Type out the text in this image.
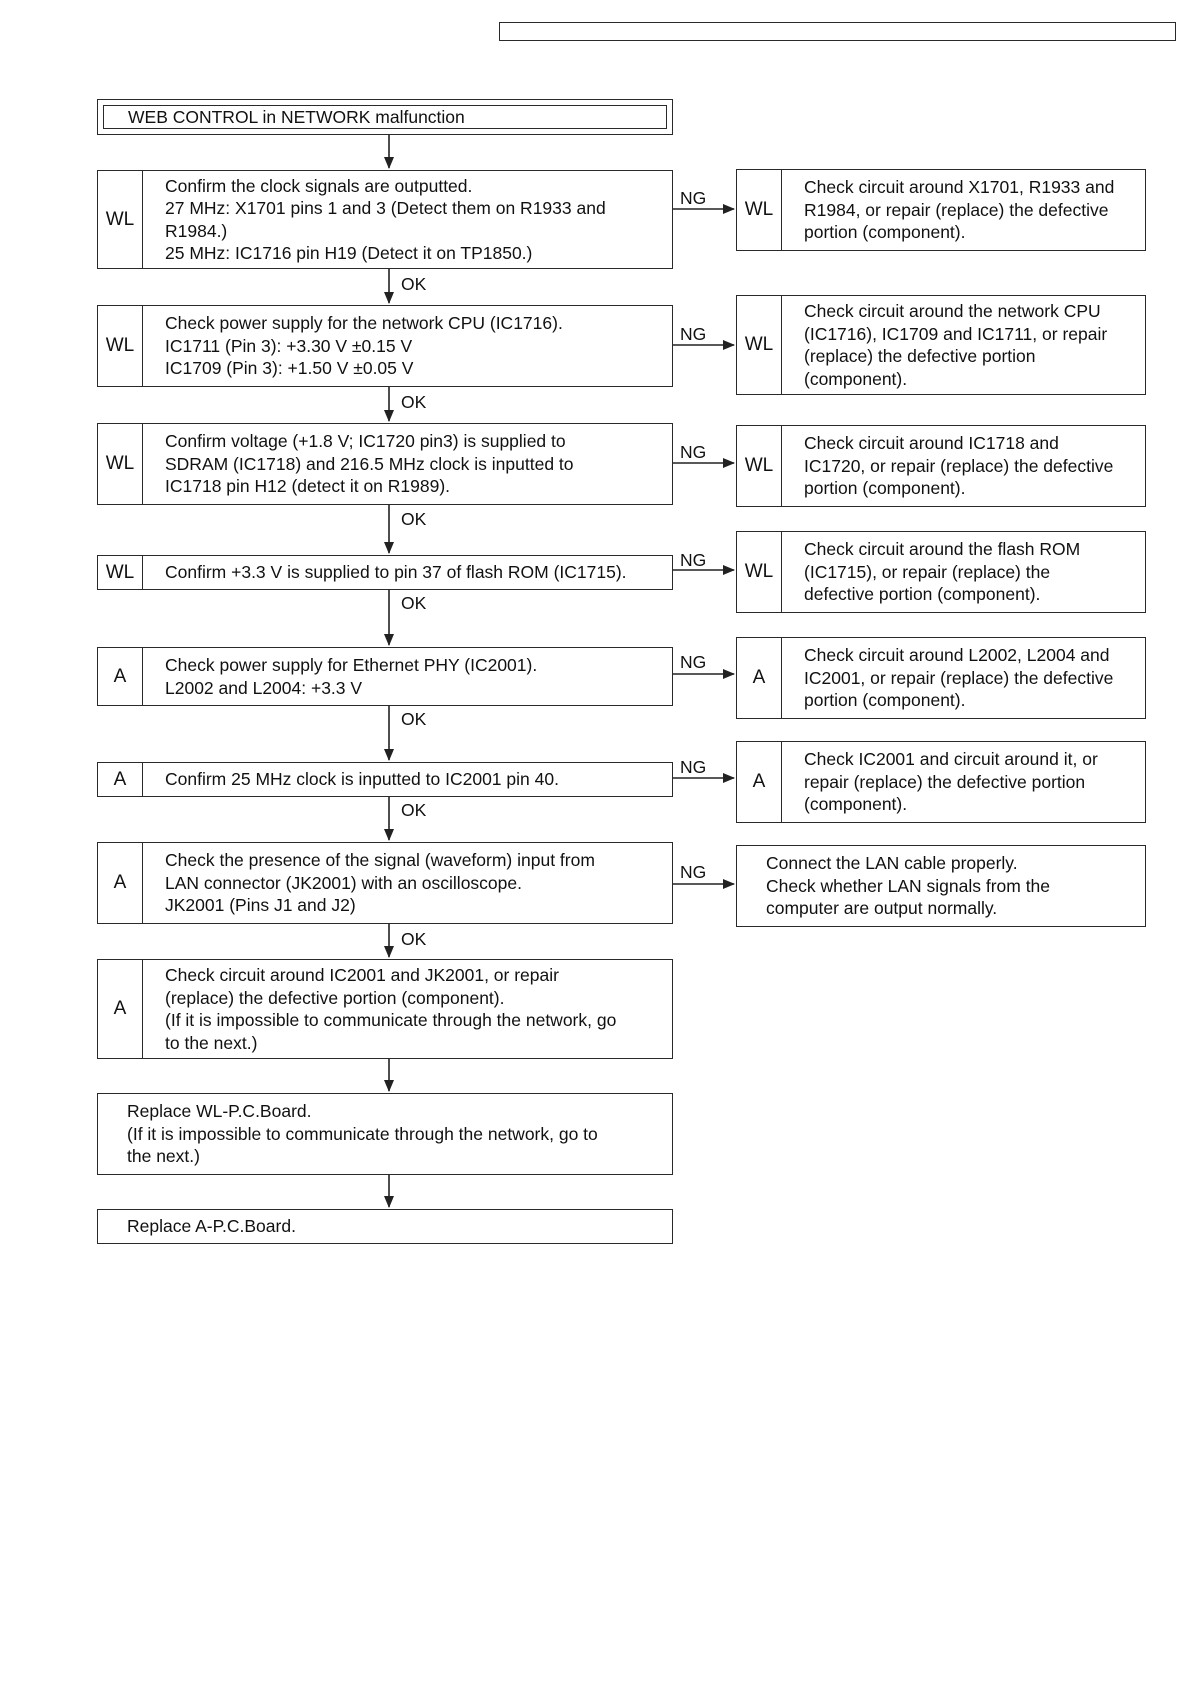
WEB CONTROL in NETWORK malfunction
WL
Confirm the clock signals are outputted.
27 MHz: X1701 pins 1 and 3 (Detect them on R1933 and
R1984.)
25 MHz: IC1716 pin H19 (Detect it on TP1850.)
WL
Check power supply for the network CPU (IC1716).
IC1711 (Pin 3): +3.30 V ±0.15 V
IC1709 (Pin 3): +1.50 V ±0.05 V
WL
Confirm voltage (+1.8 V; IC1720 pin3) is supplied to
SDRAM (IC1718) and 216.5 MHz clock is inputted to
IC1718 pin H12 (detect it on R1989).
WL	Confirm +3.3 V is supplied to pin 37 of flash ROM (IC1715).
A
Check power supply for Ethernet PHY (IC2001).
L2002 and L2004: +3.3 V
A	Confirm 25 MHz clock is inputted to IC2001 pin 40.
A
Check the presence of the signal (waveform) input from
LAN connector (JK2001) with an oscilloscope.
JK2001 (Pins J1 and J2)
A
Check circuit around IC2001 and JK2001, or repair
(replace) the defective portion (component).
(If it is impossible to communicate through the network, go
to the next.)
Replace WL-P.C.Board.
(If it is impossible to communicate through the network, go to
the next.)
Replace A-P.C.Board.
WL
Check circuit around X1701, R1933 and
R1984, or repair (replace) the defective
portion (component).
WL
Check circuit around the network CPU
(IC1716), IC1709 and IC1711, or repair
(replace) the defective portion
(component).
WL
Check circuit around IC1718 and
IC1720, or repair (replace) the defective
portion (component).
WL
Check circuit around the flash ROM
(IC1715), or repair (replace) the
defective portion (component).
A
Check circuit around L2002, L2004 and
IC2001, or repair (replace) the defective
portion (component).
A
Check IC2001 and circuit around it, or
repair (replace) the defective portion
(component).
Connect the LAN cable properly.
Check whether LAN signals from the
computer are output normally.
OK
OK
OK
OK
OK
OK
OK
NG
NG
NG
NG
NG
NG
NG
